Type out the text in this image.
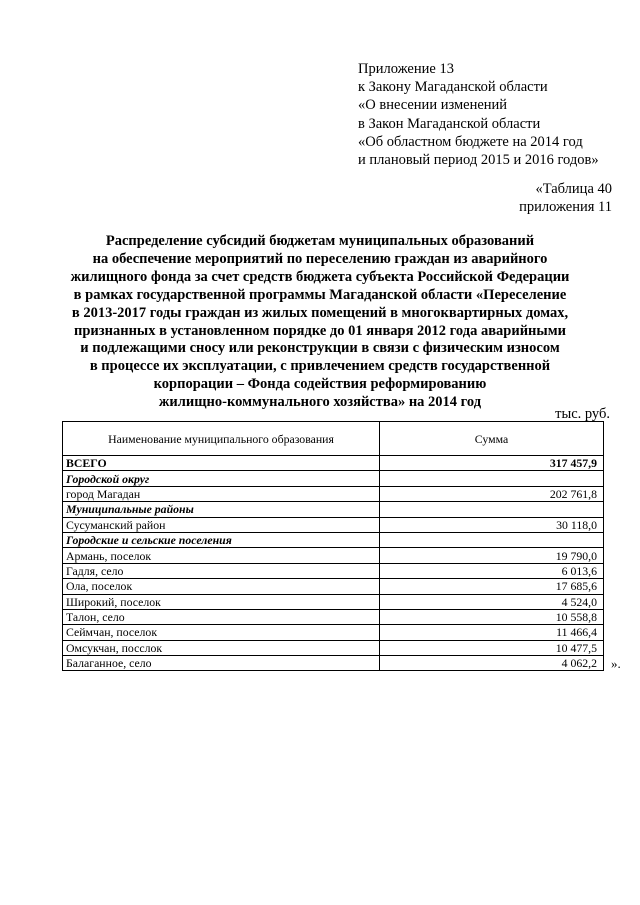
Приложение 13
к Закону Магаданской области
«О внесении изменений
в Закон Магаданской области
«Об областном бюджете на 2014 год
и плановый период 2015 и 2016 годов»
«Таблица 40
приложения 11
Распределение субсидий бюджетам муниципальных образований
на обеспечение мероприятий по переселению граждан из аварийного
жилищного фонда за счет средств бюджета субъекта Российской Федерации
в рамках государственной программы Магаданской области «Переселение
в 2013-2017 годы граждан из жилых помещений в многоквартирных домах,
признанных в установленном порядке до 01 января 2012 года аварийными
и подлежащими сносу или реконструкции в связи с физическим износом
в процессе их эксплуатации, с привлечением средств государственной
корпорации – Фонда содействия реформированию
жилищно-коммунального хозяйства» на 2014 год
тыс. руб.
Наименование муниципального образования	Сумма
ВСЕГО	317 457,9
Городской округ	
город Магадан	202 761,8
Муниципальные районы	
Сусуманский район	30 118,0
Городские и сельские поселения	
Армань, поселок	19 790,0
Гадля, село	6 013,6
Ола, поселок	17 685,6
Широкий, поселок	4 524,0
Талон, село	10 558,8
Сеймчан, поселок	11 466,4
Омсукчан, посслок	10 477,5
Балаганное, село	4 062,2 ».
